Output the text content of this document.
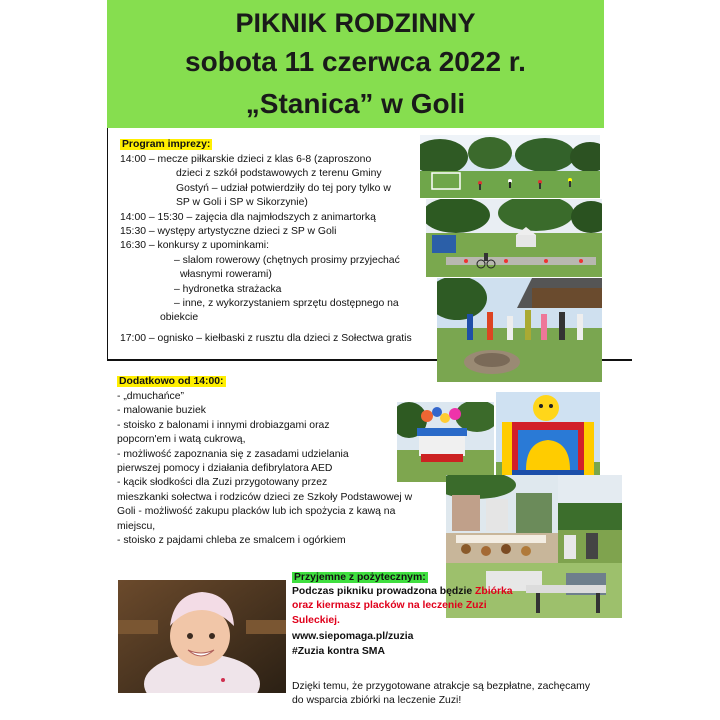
PIKNIK RODZINNY
sobota 11 czerwca 2022 r.
„Stanica” w Goli
Program imprezy:
14:00 – mecze piłkarskie dzieci z klas 6-8 (zaproszono
dzieci z szkół podstawowych z terenu Gminy
Gostyń – udział potwierdziły do tej pory tylko w
SP w Goli i SP w Sikorzynie)
14:00 – 15:30 – zajęcia dla najmłodszych z animartorką
15:30 – występy artystyczne dzieci z SP w Goli
16:30 – konkursy z upominkami:
– slalom rowerowy (chętnych prosimy przyjechać
własnymi rowerami)
– hydronetka strażacka
– inne, z wykorzystaniem sprzętu dostępnego na
obiekcie
17:00 – ognisko – kiełbaski z rusztu dla dzieci z Sołectwa gratis
Dodatkowo od 14:00:
- „dmuchańce”
- malowanie buziek
- stoisko z balonami i innymi drobiazgami oraz
popcorn'em i watą cukrową,
- możliwość zapoznania się z zasadami udzielania
pierwszej pomocy i działania defibrylatora AED
- kącik słodkości dla Zuzi przygotowany przez
mieszkanki sołectwa i rodziców dzieci ze Szkoły Podstawowej w
Goli - możliwość zakupu placków lub ich spożycia z kawą na
miejscu,
- stoisko z pajdami chleba ze smalcem i ogórkiem
Przyjemne z pożytecznym:
Podczas pikniku prowadzona będzie Zbiórka
oraz kiermasz placków na leczenie Zuzi
Suleckiej.
www.siepomaga.pl/zuzia
#Zuzia kontra SMA
Dzięki temu, że przygotowane atrakcje są bezpłatne, zachęcamy
do wsparcia zbiórki na leczenie Zuzi!
